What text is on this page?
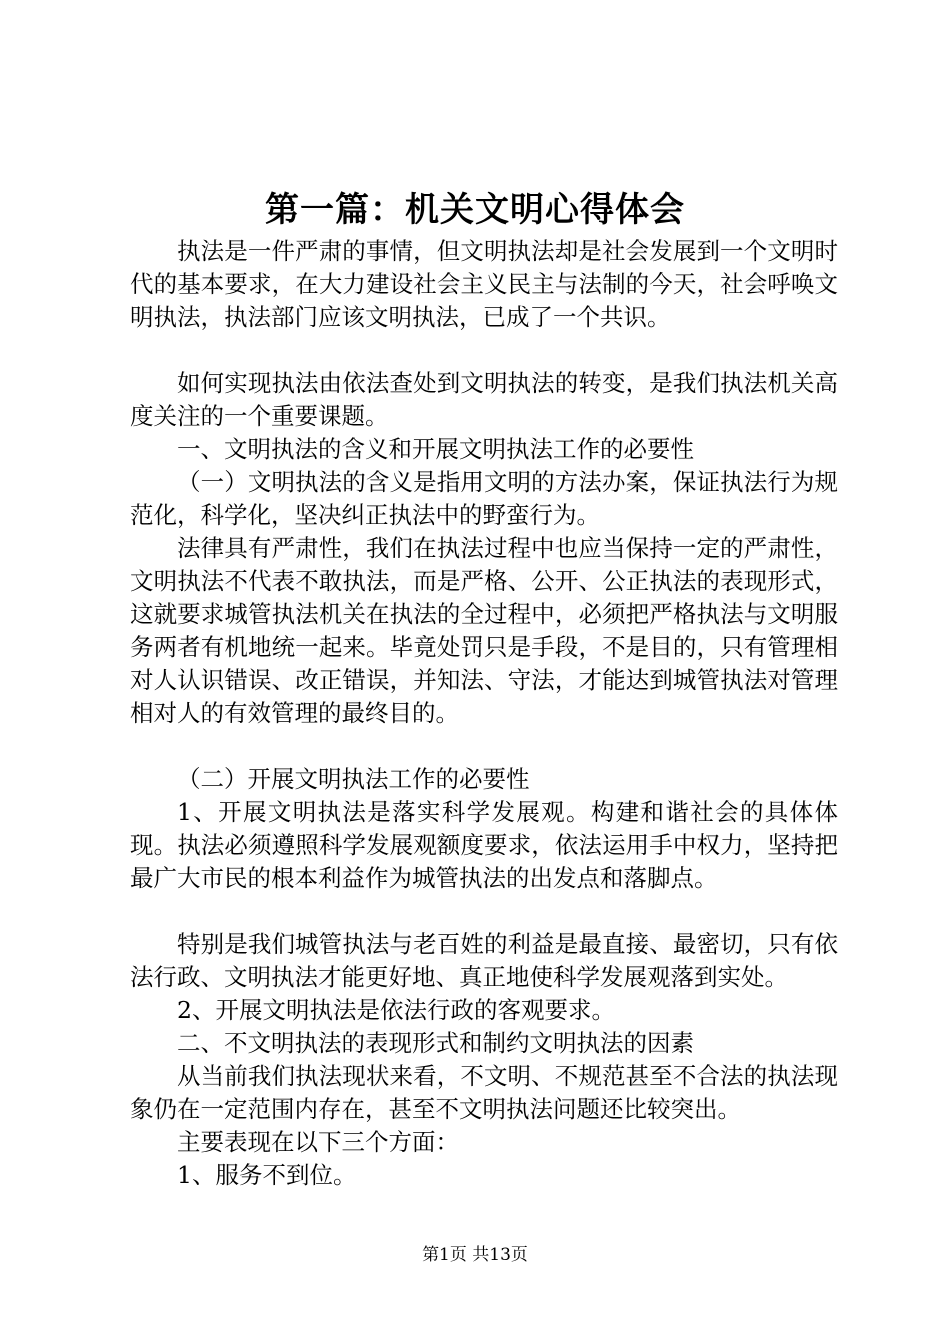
第一篇：机关文明心得体会

执法是一件严肃的事情，但文明执法却是社会发展到一个文明时代的基本要求，在大力建设社会主义民主与法制的今天，社会呼唤文明执法，执法部门应该文明执法，已成了一个共识。

如何实现执法由依法查处到文明执法的转变，是我们执法机关高度关注的一个重要课题。

一、文明执法的含义和开展文明执法工作的必要性

（一）文明执法的含义是指用文明的方法办案，保证执法行为规范化，科学化，坚决纠正执法中的野蛮行为。

法律具有严肃性，我们在执法过程中也应当保持一定的严肃性，文明执法不代表不敢执法，而是严格、公开、公正执法的表现形式，这就要求城管执法机关在执法的全过程中，必须把严格执法与文明服务两者有机地统一起来。毕竟处罚只是手段，不是目的，只有管理相对人认识错误、改正错误，并知法、守法，才能达到城管执法对管理相对人的有效管理的最终目的。

（二）开展文明执法工作的必要性

1、开展文明执法是落实科学发展观。构建和谐社会的具体体现。执法必须遵照科学发展观额度要求，依法运用手中权力，坚持把最广大市民的根本利益作为城管执法的出发点和落脚点。

特别是我们城管执法与老百姓的利益是最直接、最密切，只有依法行政、文明执法才能更好地、真正地使科学发展观落到实处。

2、开展文明执法是依法行政的客观要求。

二、不文明执法的表现形式和制约文明执法的因素

从当前我们执法现状来看，不文明、不规范甚至不合法的执法现象仍在一定范围内存在，甚至不文明执法问题还比较突出。

主要表现在以下三个方面：

1、服务不到位。

第1页 共13页
